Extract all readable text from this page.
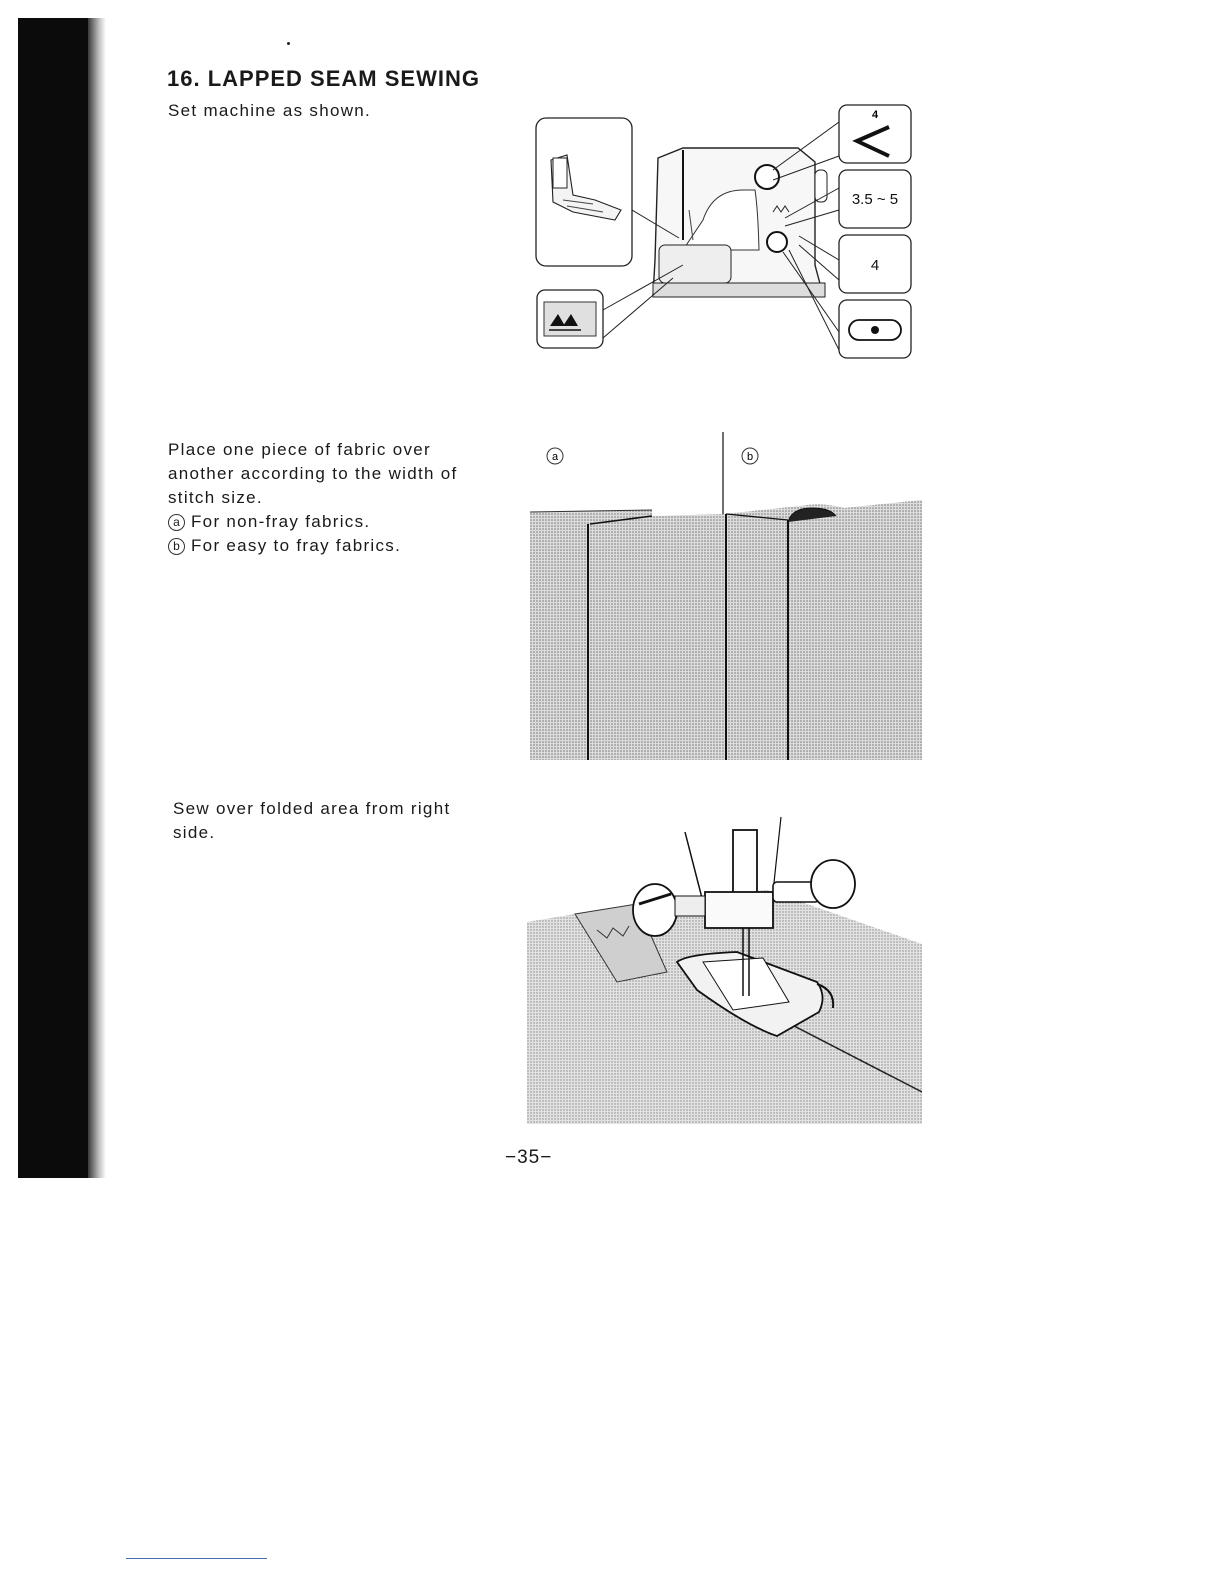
16. LAPPED SEAM SEWING

Set machine as shown.	4
3.5 ~ 5
4
Place one piece of fabric over another according to the width of stitch size.
a For non-fray fabrics.
b For easy to fray fabrics.
a	b

Sew over folded area from right side.

−35−
